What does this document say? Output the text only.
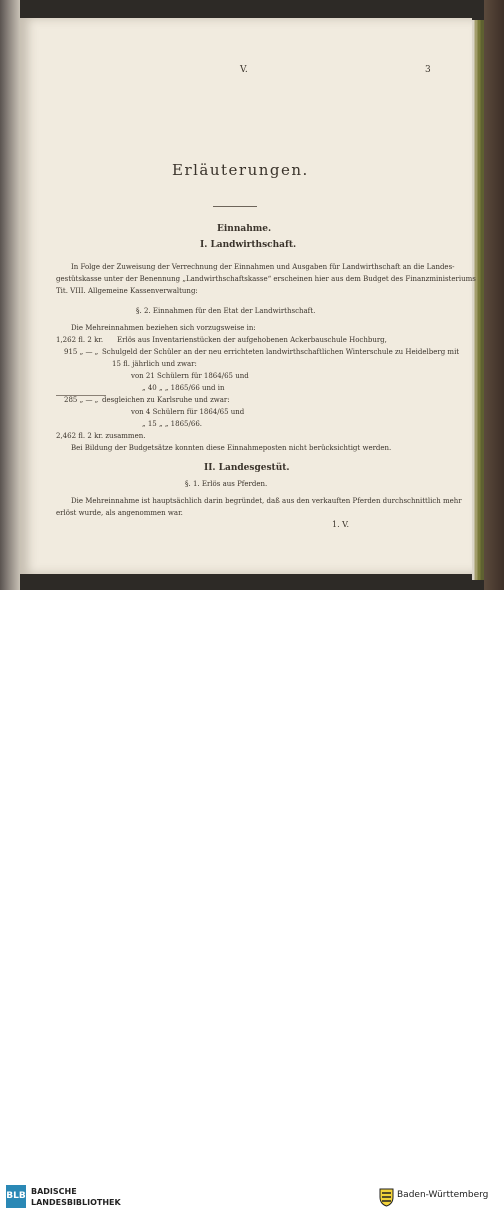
V.	3
Erläuterungen.
Einnahme.
I. Landwirthschaft.
In Folge der Zuweisung der Verrechnung der Einnahmen und Ausgaben für Landwirthschaft an die Landes-
gestütskasse unter der Benennung „Landwirthschaftskasse“ erscheinen hier aus dem Budget des Finanzministeriums
Tit. VIII. Allgemeine Kassenverwaltung:
§. 2. Einnahmen für den Etat der Landwirthschaft.
Die Mehreinnahmen beziehen sich vorzugsweise in:
1,262 fl. 2 kr. Erlös aus Inventarienstücken der aufgehobenen Ackerbauschule Hochburg,
915 „ — „ Schulgeld der Schüler an der neu errichteten landwirthschaftlichen Winterschule zu Heidelberg mit
15 fl. jährlich und zwar:
von 21 Schülern für 1864/65 und
„ 40 „ „ 1865/66 und in
285 „ — „ desgleichen zu Karlsruhe und zwar:
von 4 Schülern für 1864/65 und
„ 15 „ „ 1865/66.
2,462 fl. 2 kr. zusammen.
Bei Bildung der Budgetsätze konnten diese Einnahmeposten nicht berücksichtigt werden.
II. Landesgestüt.
§. 1. Erlös aus Pferden.
Die Mehreinnahme ist hauptsächlich darin begründet, daß aus den verkauften Pferden durchschnittlich mehr
erlöst wurde, als angenommen war.
1. V.
BLB BADISCHE
LANDESBIBLIOTHEK
Baden-Württemberg
